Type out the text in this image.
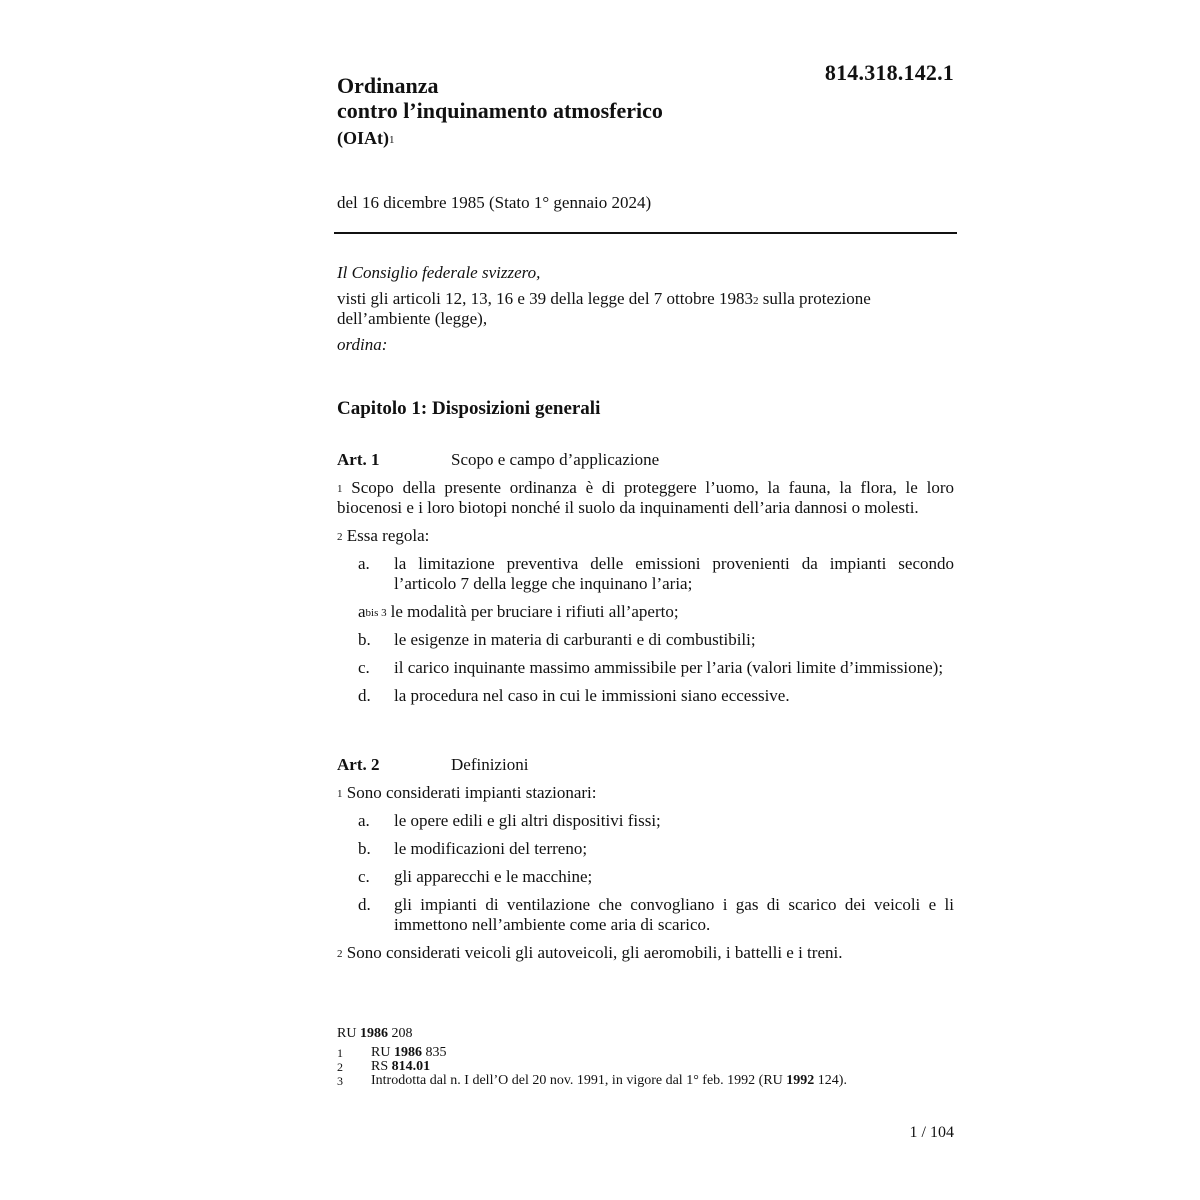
814.318.142.1
Ordinanza
contro l’inquinamento atmosferico
(OIAt)$^1$
del 16 dicembre 1985 (Stato 1° gennaio 2024)

Il Consiglio federale svizzero,

visti gli articoli 12, 13, 16 e 39 della legge del 7 ottobre 1983$^2$ sulla protezione dell’ambiente (legge),

ordina:

Capitolo 1: Disposizioni generali
Art. 1	Scopo e campo d’applicazione

$^1$ Scopo della presente ordinanza è di proteggere l’uomo, la fauna, la flora, le loro biocenosi e i loro biotopi nonché il suolo da inquinamenti dell’aria dannosi o molesti.

$^2$ Essa regola:

a.	la limitazione preventiva delle emissioni provenienti da impianti secondo l’articolo 7 della legge che inquinano l’aria;
$a^{bis 3}$ le modalità per bruciare i rifiuti all’aperto;
b.	le esigenze in materia di carburanti e di combustibili;
c.	il carico inquinante massimo ammissibile per l’aria (valori limite d’immissione);
d.	la procedura nel caso in cui le immissioni siano eccessive.
Art. 2	Definizioni

$^1$ Sono considerati impianti stazionari:

a.	le opere edili e gli altri dispositivi fissi;
b.	le modificazioni del terreno;
c.	gli apparecchi e le macchine;
d.	gli impianti di ventilazione che convogliano i gas di scarico dei veicoli e li immettono nell’ambiente come aria di scarico.

$^2$ Sono considerati veicoli gli autoveicoli, gli aeromobili, i battelli e i treni.

RU 1986 208
1	RU 1986 835
2	RS 814.01
3	Introdotta dal n. I dell’O del 20 nov. 1991, in vigore dal 1° feb. 1992 (RU 1992 124).
1 / 104
